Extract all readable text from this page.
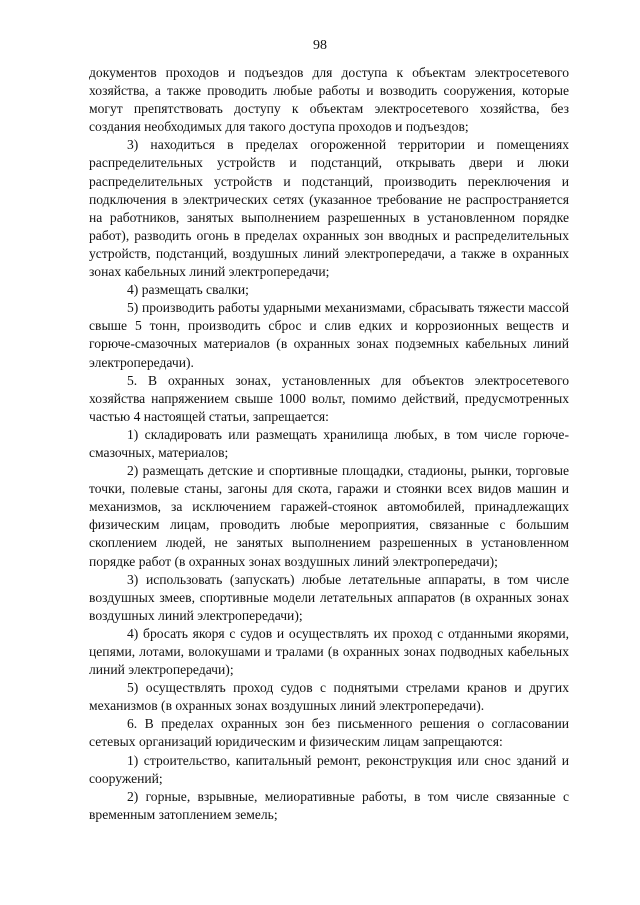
98

документов проходов и подъездов для доступа к объектам электросетевого хозяйства, а также проводить любые работы и возводить сооружения, которые могут препятствовать доступу к объектам электросетевого хозяйства, без создания необходимых для такого доступа проходов и подъездов;

3) находиться в пределах огороженной территории и помещениях распределительных устройств и подстанций, открывать двери и люки распределительных устройств и подстанций, производить переключения и подключения в электрических сетях (указанное требование не распространяется на работников, занятых выполнением разрешенных в установленном порядке работ), разводить огонь в пределах охранных зон вводных и распределительных устройств, подстанций, воздушных линий электропередачи, а также в охранных зонах кабельных линий электропередачи;

4) размещать свалки;

5) производить работы ударными механизмами, сбрасывать тяжести массой свыше 5 тонн, производить сброс и слив едких и коррозионных веществ и горюче-смазочных материалов (в охранных зонах подземных кабельных линий электропередачи).

5. В охранных зонах, установленных для объектов электросетевого хозяйства напряжением свыше 1000 вольт, помимо действий, предусмотренных частью 4 настоящей статьи, запрещается:

1) складировать или размещать хранилища любых, в том числе горюче-смазочных, материалов;

2) размещать детские и спортивные площадки, стадионы, рынки, торговые точки, полевые станы, загоны для скота, гаражи и стоянки всех видов машин и механизмов, за исключением гаражей-стоянок автомобилей, принадлежащих физическим лицам, проводить любые мероприятия, связанные с большим скоплением людей, не занятых выполнением разрешенных в установленном порядке работ (в охранных зонах воздушных линий электропередачи);

3) использовать (запускать) любые летательные аппараты, в том числе воздушных змеев, спортивные модели летательных аппаратов (в охранных зонах воздушных линий электропередачи);

4) бросать якоря с судов и осуществлять их проход с отданными якорями, цепями, лотами, волокушами и тралами (в охранных зонах подводных кабельных линий электропередачи);

5) осуществлять проход судов с поднятыми стрелами кранов и других механизмов (в охранных зонах воздушных линий электропередачи).

6. В пределах охранных зон без письменного решения о согласовании сетевых организаций юридическим и физическим лицам запрещаются:

1) строительство, капитальный ремонт, реконструкция или снос зданий и сооружений;

2) горные, взрывные, мелиоративные работы, в том числе связанные с временным затоплением земель;
